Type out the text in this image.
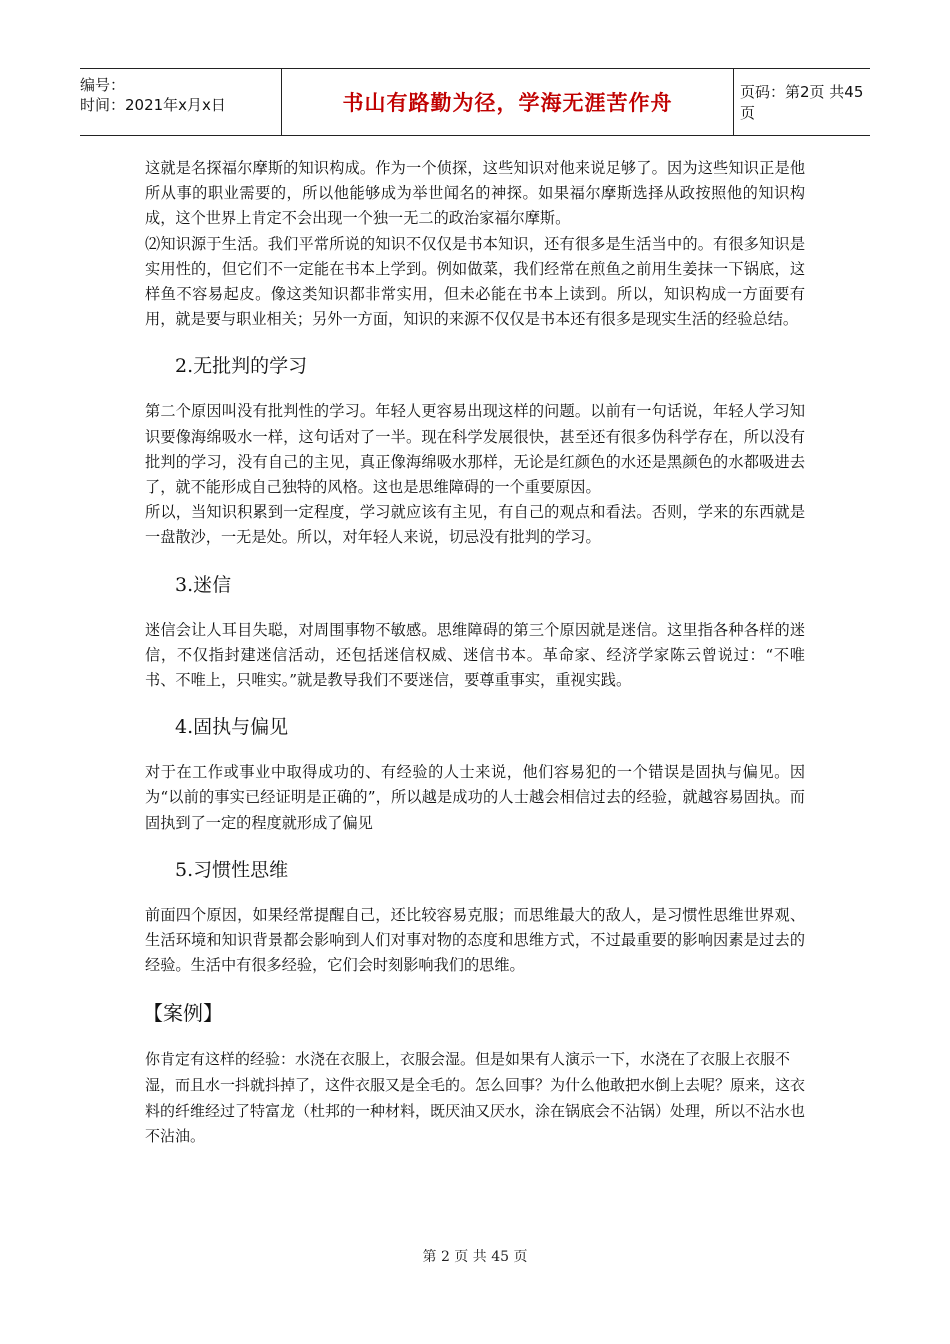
编号：
时间：2021年x月x日	书山有路勤为径，学海无涯苦作舟	页码：第2页 共45页

这就是名探福尔摩斯的知识构成。作为一个侦探，这些知识对他来说足够了。因为这些知识正是他所从事的职业需要的，所以他能够成为举世闻名的神探。如果福尔摩斯选择从政按照他的知识构成，这个世界上肯定不会出现一个独一无二的政治家福尔摩斯。

⑵知识源于生活。我们平常所说的知识不仅仅是书本知识，还有很多是生活当中的。有很多知识是实用性的，但它们不一定能在书本上学到。例如做菜，我们经常在煎鱼之前用生姜抹一下锅底，这样鱼不容易起皮。像这类知识都非常实用，但未必能在书本上读到。所以，知识构成一方面要有用，就是要与职业相关；另外一方面，知识的来源不仅仅是书本还有很多是现实生活的经验总结。

2.无批判的学习

第二个原因叫没有批判性的学习。年轻人更容易出现这样的问题。以前有一句话说，年轻人学习知识要像海绵吸水一样，这句话对了一半。现在科学发展很快，甚至还有很多伪科学存在，所以没有批判的学习，没有自己的主见，真正像海绵吸水那样，无论是红颜色的水还是黑颜色的水都吸进去了，就不能形成自己独特的风格。这也是思维障碍的一个重要原因。

所以，当知识积累到一定程度，学习就应该有主见，有自己的观点和看法。否则，学来的东西就是一盘散沙，一无是处。所以，对年轻人来说，切忌没有批判的学习。

3.迷信

迷信会让人耳目失聪，对周围事物不敏感。思维障碍的第三个原因就是迷信。这里指各种各样的迷信，不仅指封建迷信活动，还包括迷信权威、迷信书本。革命家、经济学家陈云曾说过：“不唯书、不唯上，只唯实。”就是教导我们不要迷信，要尊重事实，重视实践。

4.固执与偏见

对于在工作或事业中取得成功的、有经验的人士来说，他们容易犯的一个错误是固执与偏见。因为“以前的事实已经证明是正确的”，所以越是成功的人士越会相信过去的经验，就越容易固执。而固执到了一定的程度就形成了偏见

5.习惯性思维

前面四个原因，如果经常提醒自己，还比较容易克服；而思维最大的敌人，是习惯性思维世界观、生活环境和知识背景都会影响到人们对事对物的态度和思维方式，不过最重要的影响因素是过去的经验。生活中有很多经验，它们会时刻影响我们的思维。

【案例】

你肯定有这样的经验：水浇在衣服上，衣服会湿。但是如果有人演示一下，水浇在了衣服上衣服不湿，而且水一抖就抖掉了，这件衣服又是全毛的。怎么回事？为什么他敢把水倒上去呢？原来，这衣料的纤维经过了特富龙（杜邦的一种材料，既厌油又厌水，涂在锅底会不沾锅）处理，所以不沾水也不沾油。

第 2 页 共 45 页
